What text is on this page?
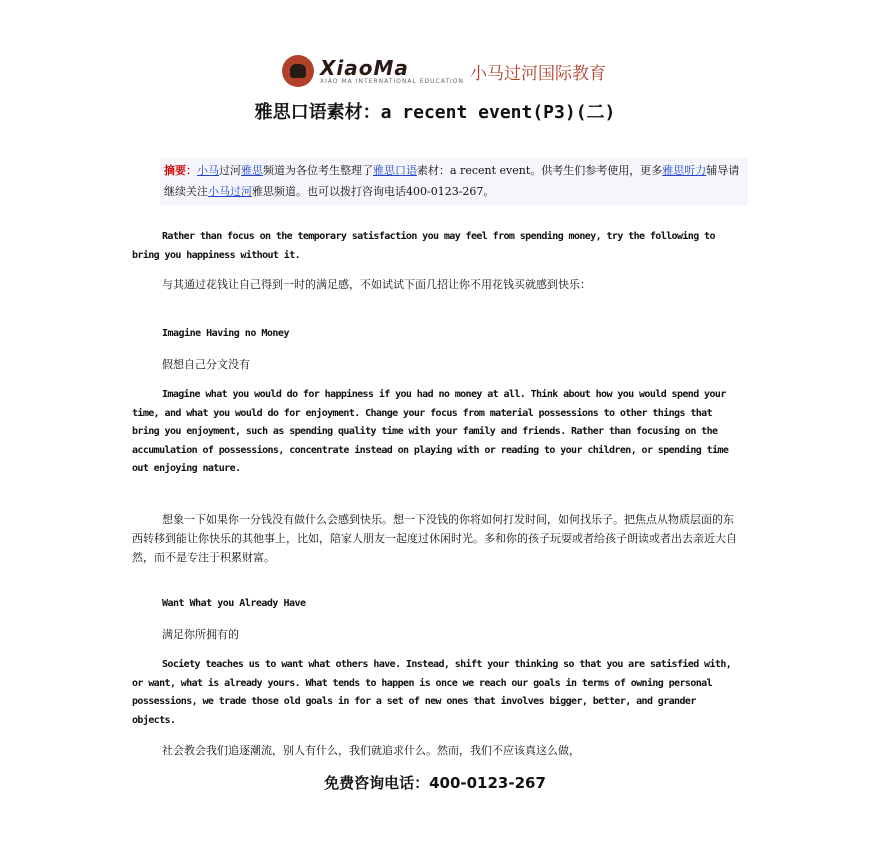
XiaoMa
XIAO MA INTERNATIONAL EDUCATION 小马过河国际教育
雅思口语素材：a recent event(P3)(二)
摘要：小马过河雅思频道为各位考生整理了雅思口语素材：a recent event。供考生们参考使用，更多雅思听力辅导请继续关注小马过河雅思频道。也可以拨打咨询电话400-0123-267。
Rather than focus on the temporary satisfaction you may feel from spending money, try the following to bring you happiness without it.
与其通过花钱让自己得到一时的满足感，不如试试下面几招让你不用花钱买就感到快乐：
Imagine Having no Money
假想自己分文没有
Imagine what you would do for happiness if you had no money at all. Think about how you would spend your time, and what you would do for enjoyment. Change your focus from material possessions to other things that bring you enjoyment, such as spending quality time with your family and friends. Rather than focusing on the accumulation of possessions, concentrate instead on playing with or reading to your children, or spending time out enjoying nature.
想象一下如果你一分钱没有做什么会感到快乐。想一下没钱的你将如何打发时间，如何找乐子。把焦点从物质层面的东西转移到能让你快乐的其他事上，比如，陪家人朋友一起度过休闲时光。多和你的孩子玩耍或者给孩子朗读或者出去亲近大自然，而不是专注于积累财富。
Want What you Already Have
满足你所拥有的
Society teaches us to want what others have. Instead, shift your thinking so that you are satisfied with, or want, what is already yours. What tends to happen is once we reach our goals in terms of owning personal possessions, we trade those old goals in for a set of new ones that involves bigger, better, and grander objects.
社会教会我们追逐潮流，别人有什么，我们就追求什么。然而，我们不应该真这么做，
免费咨询电话：400-0123-267
